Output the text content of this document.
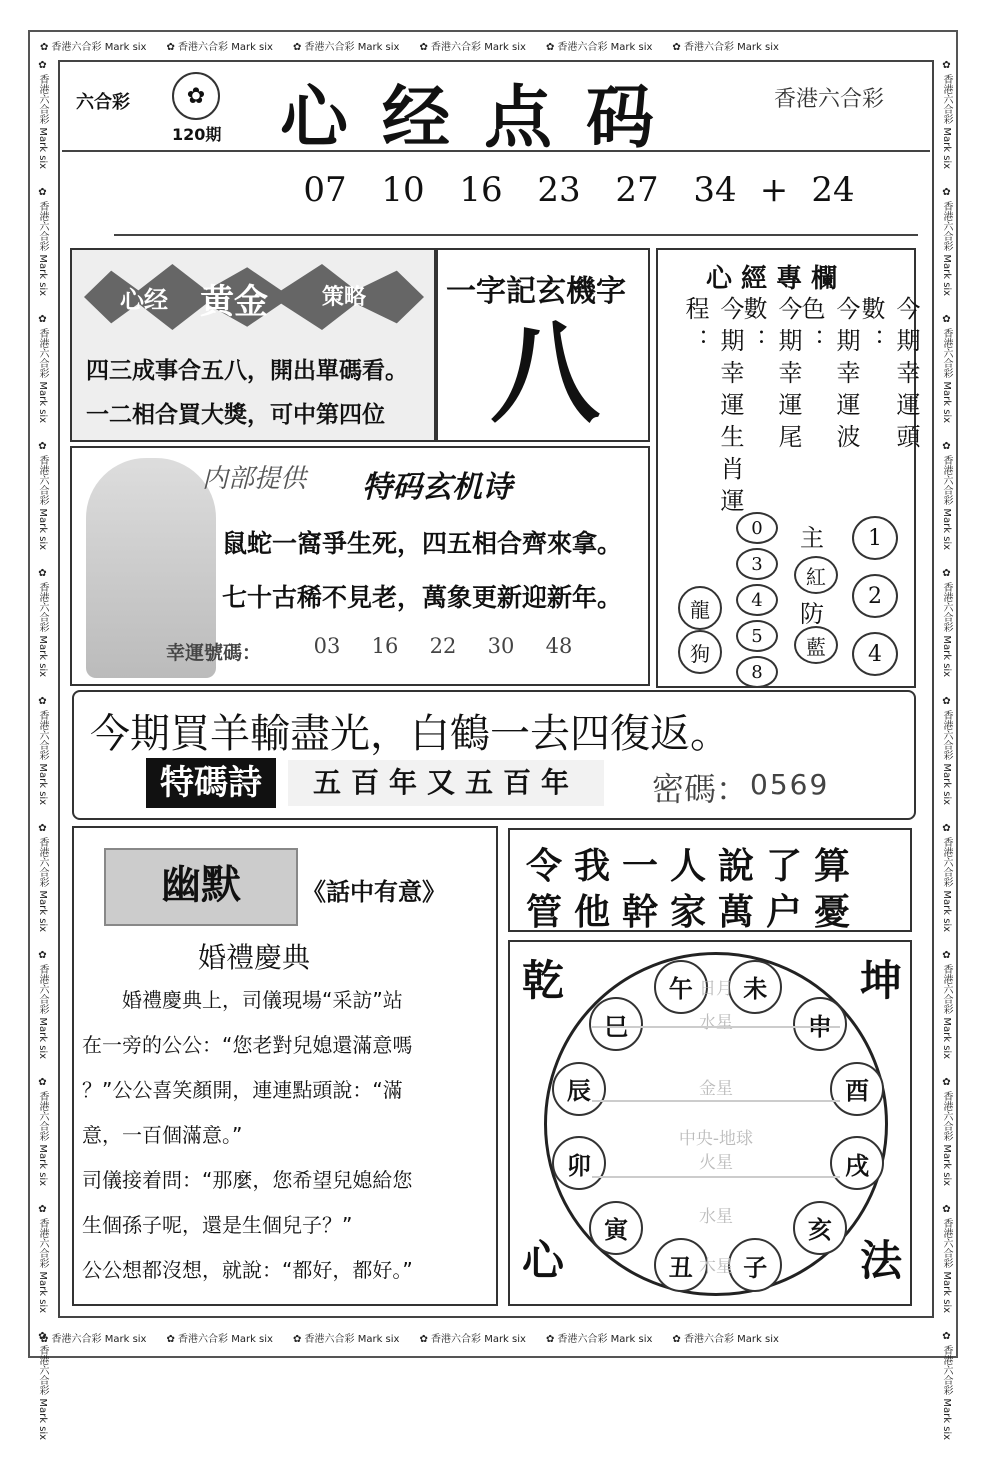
✿ 香港六合彩 Mark six ✿ 香港六合彩 Mark six ✿ 香港六合彩 Mark six ✿ 香港六合彩 Mark six ✿ 香港六合彩 Mark six ✿ 香港六合彩 Mark six
✿ 香港六合彩 Mark six ✿ 香港六合彩 Mark six ✿ 香港六合彩 Mark six ✿ 香港六合彩 Mark six ✿ 香港六合彩 Mark six ✿ 香港六合彩 Mark six
✿ 香港六合彩 Mark six✿ 香港六合彩 Mark six✿ 香港六合彩 Mark six✿ 香港六合彩 Mark six✿ 香港六合彩 Mark six✿ 香港六合彩 Mark six✿ 香港六合彩 Mark six✿ 香港六合彩 Mark six✿ 香港六合彩 Mark six✿ 香港六合彩 Mark six✿ 香港六合彩 Mark six
✿ 香港六合彩 Mark six✿ 香港六合彩 Mark six✿ 香港六合彩 Mark six✿ 香港六合彩 Mark six✿ 香港六合彩 Mark six✿ 香港六合彩 Mark six✿ 香港六合彩 Mark six✿ 香港六合彩 Mark six✿ 香港六合彩 Mark six✿ 香港六合彩 Mark six✿ 香港六合彩 Mark six
六合彩	✿
120期 心经点码	香港六合彩
07 10 16 23 27 34 + 24
心经 黄金 策略
四三成事合五八，開出單碼看。
一二相合買大獎，可中第四位
一字記玄機字
八
心 經 專 欄
今期幸運生肖運程：	今期幸運尾數：	今期幸運波色：	今期幸運頭數：
龍
狗
0
3
4
5
8
主
紅
防
藍
1
2
4
内部提供 特码玄机诗
鼠蛇一窩爭生死，四五相合齊來拿。
七十古稀不見老，萬象更新迎新年。
幸運號碼：	03 16 22 30 48
今期買羊輸盡光，白鶴一去四復返。
特碼詩	五百年又五百年	密碼： 0569
幽默	《話中有意》
婚禮慶典

　　婚禮慶典上，司儀現場“采訪”站

在一旁的公公：“您老對兒媳還滿意嗎

？”公公喜笑顏開，連連點頭說：“滿

意，一百個滿意。”

司儀接着問：“那麼，您希望兒媳給您

生個孫子呢，還是生個兒子？”

公公想都沒想，就說：“都好，都好。”

令我一人說了算
管他幹家萬户憂
乾	坤
心	法
午	未
申
酉
戌
亥
子
丑
寅
卯
辰
巳
日月
水星
金星
中央-地球
火星
水星
木星
